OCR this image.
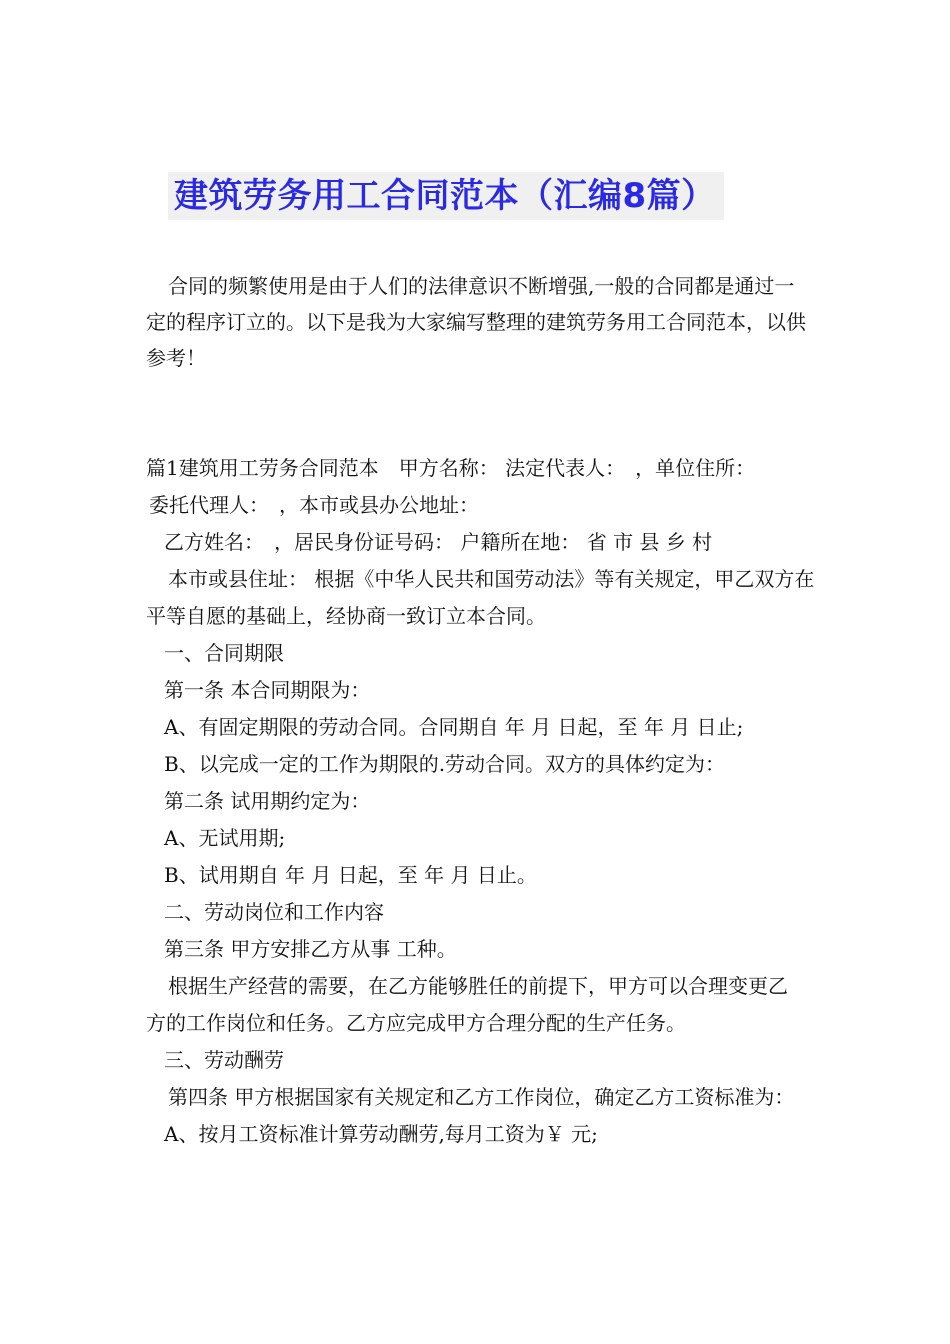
建筑劳务用工合同范本（汇编8篇）

合同的频繁使用是由于人们的法律意识不断增强,一般的合同都是通过一定的程序订立的。以下是我为大家编写整理的建筑劳务用工合同范本，以供参考！

篇1建筑用工劳务合同范本　甲方名称： 法定代表人：　，单位住所：

委托代理人：　，本市或县办公地址：

乙方姓名：　，居民身份证号码： 户籍所在地： 省 市 县 乡 村

本市或县住址： 根据《中华人民共和国劳动法》等有关规定，甲乙双方在平等自愿的基础上，经协商一致订立本合同。

一、合同期限

第一条 本合同期限为：

A、有固定期限的劳动合同。合同期自 年 月 日起，至 年 月 日止;

B、以完成一定的工作为期限的.劳动合同。双方的具体约定为：

第二条 试用期约定为：

A、无试用期;

B、试用期自 年 月 日起，至 年 月 日止。

二、劳动岗位和工作内容

第三条 甲方安排乙方从事 工种。

根据生产经营的需要，在乙方能够胜任的前提下，甲方可以合理变更乙方的工作岗位和任务。乙方应完成甲方合理分配的生产任务。

三、劳动酬劳

第四条 甲方根据国家有关规定和乙方工作岗位，确定乙方工资标准为：

A、按月工资标准计算劳动酬劳,每月工资为￥ 元;
